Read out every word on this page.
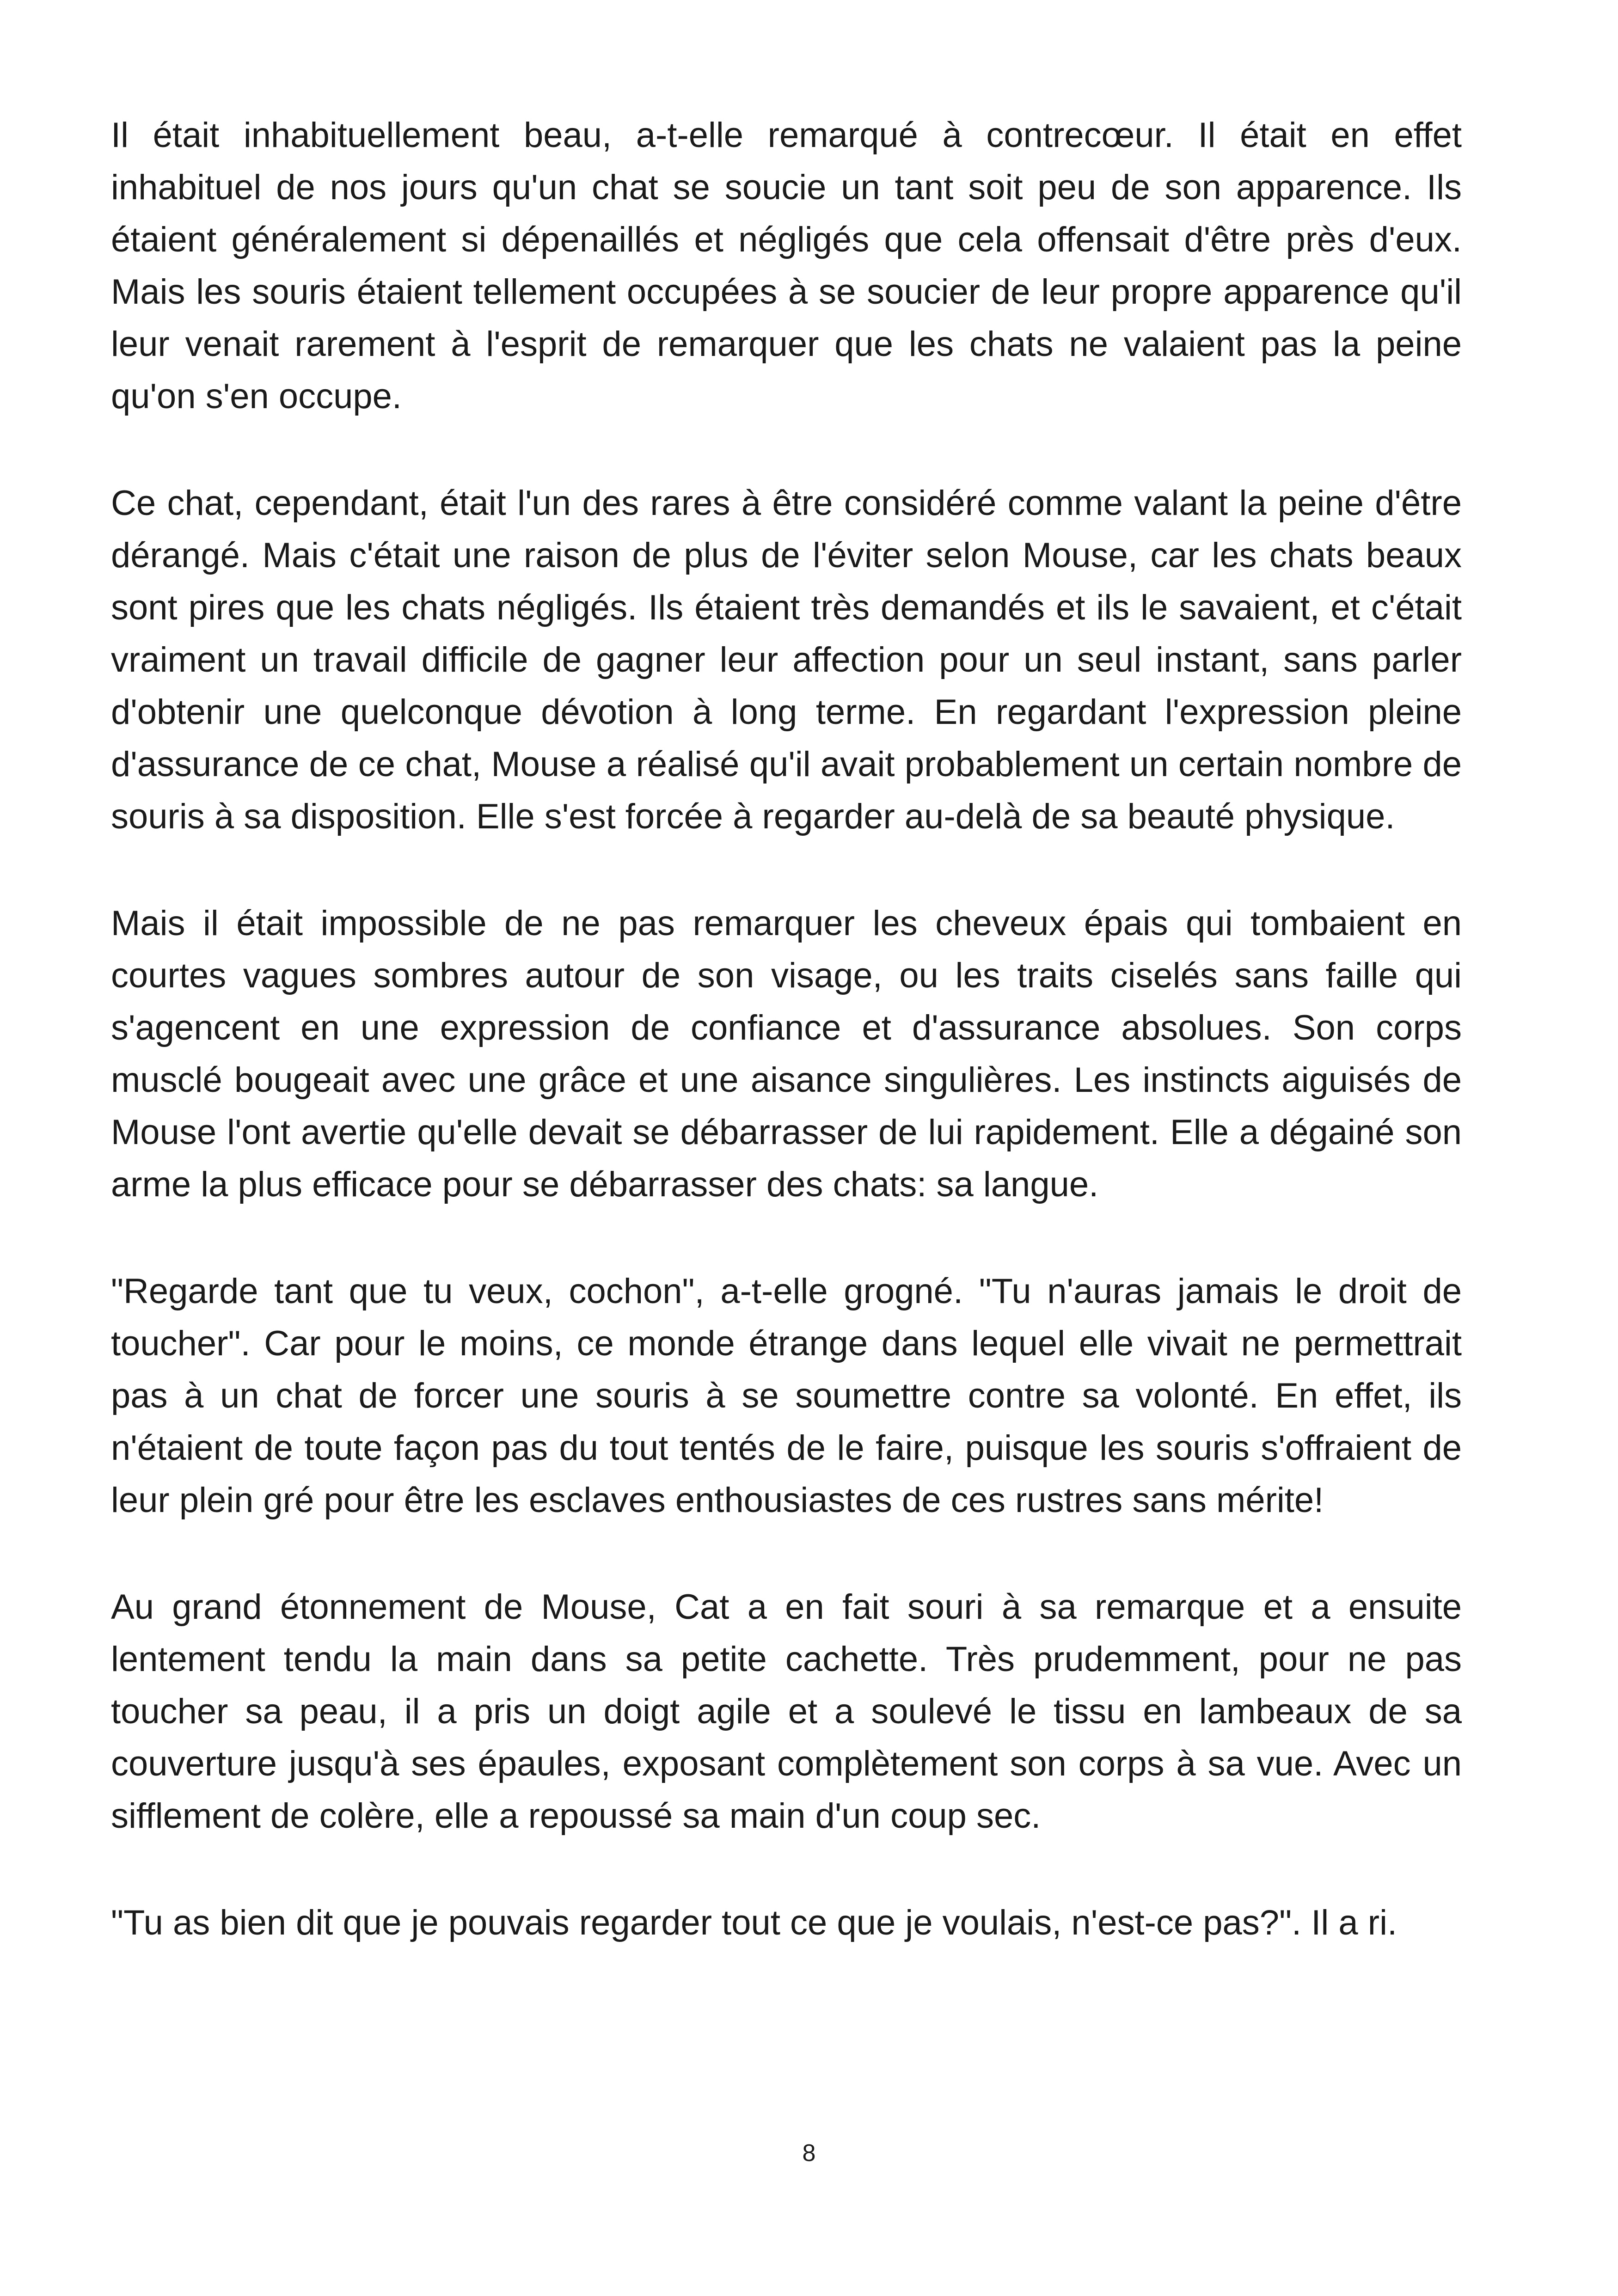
Il était inhabituellement beau, a-t-elle remarqué à contrecœur. Il était en effet inhabituel de nos jours qu'un chat se soucie un tant soit peu de son apparence. Ils étaient généralement si dépenaillés et négligés que cela offensait d'être près d'eux. Mais les souris étaient tellement occupées à se soucier de leur propre apparence qu'il leur venait rarement à l'esprit de remarquer que les chats ne valaient pas la peine qu'on s'en occupe.

Ce chat, cependant, était l'un des rares à être considéré comme valant la peine d'être dérangé. Mais c'était une raison de plus de l'éviter selon Mouse, car les chats beaux sont pires que les chats négligés. Ils étaient très demandés et ils le savaient, et c'était vraiment un travail difficile de gagner leur affection pour un seul instant, sans parler d'obtenir une quelconque dévotion à long terme. En regardant l'expression pleine d'assurance de ce chat, Mouse a réalisé qu'il avait probablement un certain nombre de souris à sa disposition. Elle s'est forcée à regarder au-delà de sa beauté physique.

Mais il était impossible de ne pas remarquer les cheveux épais qui tombaient en courtes vagues sombres autour de son visage, ou les traits ciselés sans faille qui s'agencent en une expression de confiance et d'assurance absolues. Son corps musclé bougeait avec une grâce et une aisance singulières. Les instincts aiguisés de Mouse l'ont avertie qu'elle devait se débarrasser de lui rapidement. Elle a dégainé son arme la plus efficace pour se débarrasser des chats: sa langue.

"Regarde tant que tu veux, cochon", a-t-elle grogné. "Tu n'auras jamais le droit de toucher". Car pour le moins, ce monde étrange dans lequel elle vivait ne permettrait pas à un chat de forcer une souris à se soumettre contre sa volonté. En effet, ils n'étaient de toute façon pas du tout tentés de le faire, puisque les souris s'offraient de leur plein gré pour être les esclaves enthousiastes de ces rustres sans mérite!

Au grand étonnement de Mouse, Cat a en fait souri à sa remarque et a ensuite lentement tendu la main dans sa petite cachette. Très prudemment, pour ne pas toucher sa peau, il a pris un doigt agile et a soulevé le tissu en lambeaux de sa couverture jusqu'à ses épaules, exposant complètement son corps à sa vue. Avec un sifflement de colère, elle a repoussé sa main d'un coup sec.

"Tu as bien dit que je pouvais regarder tout ce que je voulais, n'est-ce pas?". Il a ri.

8
